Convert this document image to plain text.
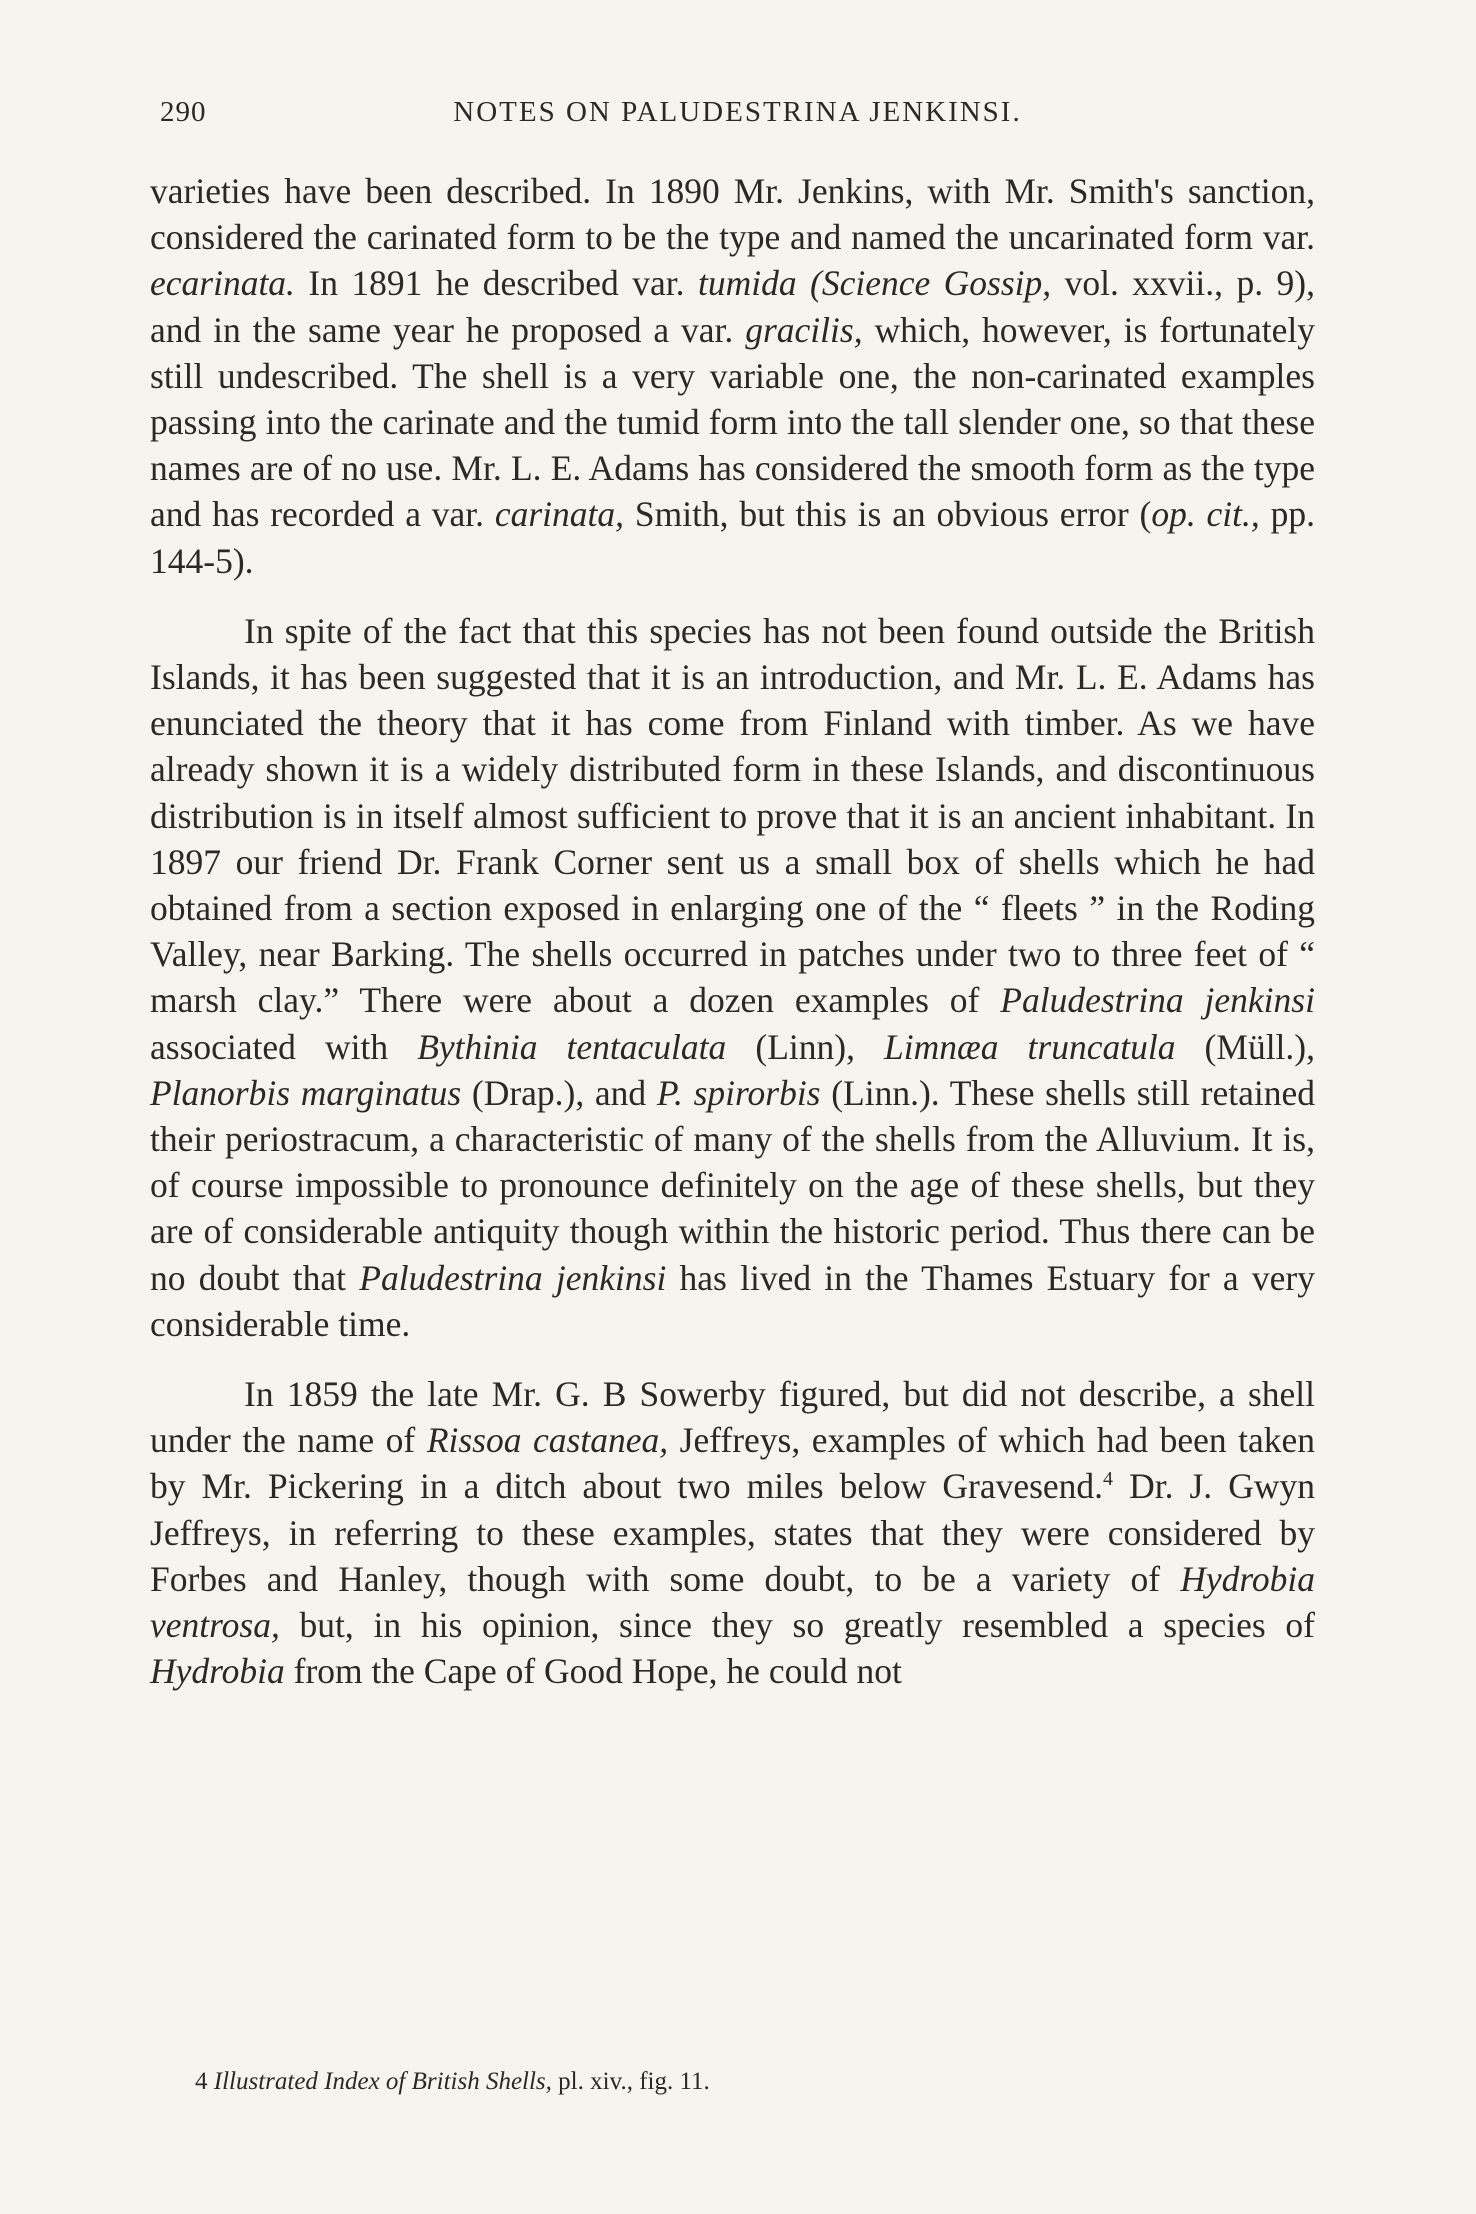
290	NOTES ON PALUDESTRINA JENKINSI.

varieties have been described. In 1890 Mr. Jenkins, with Mr. Smith's sanction, considered the carinated form to be the type and named the uncarinated form var. ecarinata. In 1891 he described var. tumida (Science Gossip, vol. xxvii., p. 9), and in the same year he proposed a var. gracilis, which, however, is fortunately still undescribed. The shell is a very variable one, the non-carinated examples passing into the carinate and the tumid form into the tall slender one, so that these names are of no use. Mr. L. E. Adams has considered the smooth form as the type and has recorded a var. carinata, Smith, but this is an obvious error (op. cit., pp. 144-5).

In spite of the fact that this species has not been found outside the British Islands, it has been suggested that it is an introduction, and Mr. L. E. Adams has enunciated the theory that it has come from Finland with timber. As we have already shown it is a widely distributed form in these Islands, and discontinuous distribution is in itself almost sufficient to prove that it is an ancient inhabitant. In 1897 our friend Dr. Frank Corner sent us a small box of shells which he had obtained from a section exposed in enlarging one of the “ fleets ” in the Roding Valley, near Barking. The shells occurred in patches under two to three feet of “ marsh clay.” There were about a dozen examples of Paludestrina jenkinsi associated with Bythinia tentaculata (Linn), Limnæa truncatula (Müll.), Planorbis marginatus (Drap.), and P. spirorbis (Linn.). These shells still retained their periostracum, a characteristic of many of the shells from the Alluvium. It is, of course impossible to pronounce definitely on the age of these shells, but they are of considerable antiquity though within the historic period. Thus there can be no doubt that Paludestrina jenkinsi has lived in the Thames Estuary for a very considerable time.

In 1859 the late Mr. G. B Sowerby figured, but did not describe, a shell under the name of Rissoa castanea, Jeffreys, examples of which had been taken by Mr. Pickering in a ditch about two miles below Gravesend.$^4$ Dr. J. Gwyn Jeffreys, in referring to these examples, states that they were considered by Forbes and Hanley, though with some doubt, to be a variety of Hydrobia ventrosa, but, in his opinion, since they so greatly resembled a species of Hydrobia from the Cape of Good Hope, he could not

4 Illustrated Index of British Shells, pl. xiv., fig. 11.
